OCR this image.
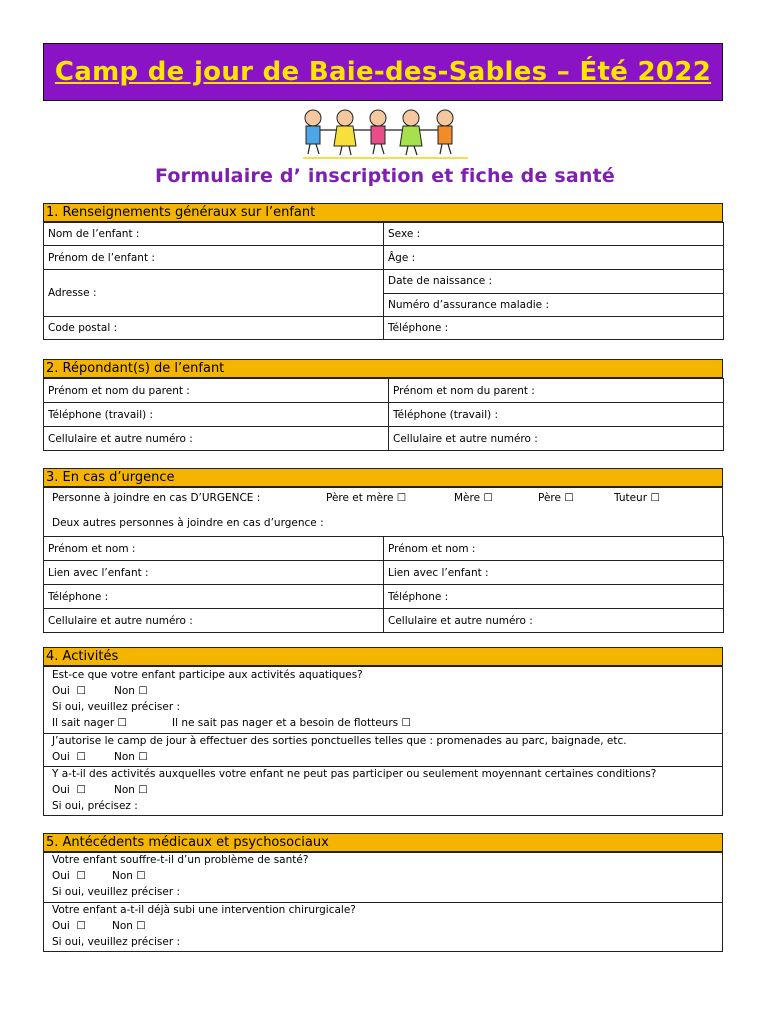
Camp de jour de Baie-des-Sables – Été 2022
Formulaire d’ inscription et fiche de santé
1. Renseignements généraux sur l’enfant
Nom de l’enfant :	Sexe :
Prénom de l’enfant :	Âge :
Adresse :	Date de naissance :
	Numéro d’assurance maladie :
Code postal :	Téléphone :
2. Répondant(s) de l’enfant
Prénom et nom du parent :	Prénom et nom du parent :
Téléphone (travail) :	Téléphone (travail) :
Cellulaire et autre numéro :	Cellulaire et autre numéro :
3. En cas d’urgence
Personne à joindre en cas D’URGENCE :	Père et mère ☐	Mère ☐	Père ☐	Tuteur ☐
Deux autres personnes à joindre en cas d’urgence :
Prénom et nom :	Prénom et nom :
Lien avec l’enfant :	Lien avec l’enfant :
Téléphone :	Téléphone :
Cellulaire et autre numéro :	Cellulaire et autre numéro :
4. Activités
Est-ce que votre enfant participe aux activités aquatiques?
Oui ☐	Non ☐
Si oui, veuillez préciser :
Il sait nager ☐	Il ne sait pas nager et a besoin de flotteurs ☐
J’autorise le camp de jour à effectuer des sorties ponctuelles telles que : promenades au parc, baignade, etc.
Oui ☐	Non ☐
Y a-t-il des activités auxquelles votre enfant ne peut pas participer ou seulement moyennant certaines conditions?
Oui ☐	Non ☐
Si oui, précisez :
5. Antécédents médicaux et psychosociaux
Votre enfant souffre-t-il d’un problème de santé?
Oui ☐ Non ☐
Si oui, veuillez préciser :
Votre enfant a-t-il déjà subi une intervention chirurgicale?
Oui ☐ Non ☐
Si oui, veuillez préciser :
